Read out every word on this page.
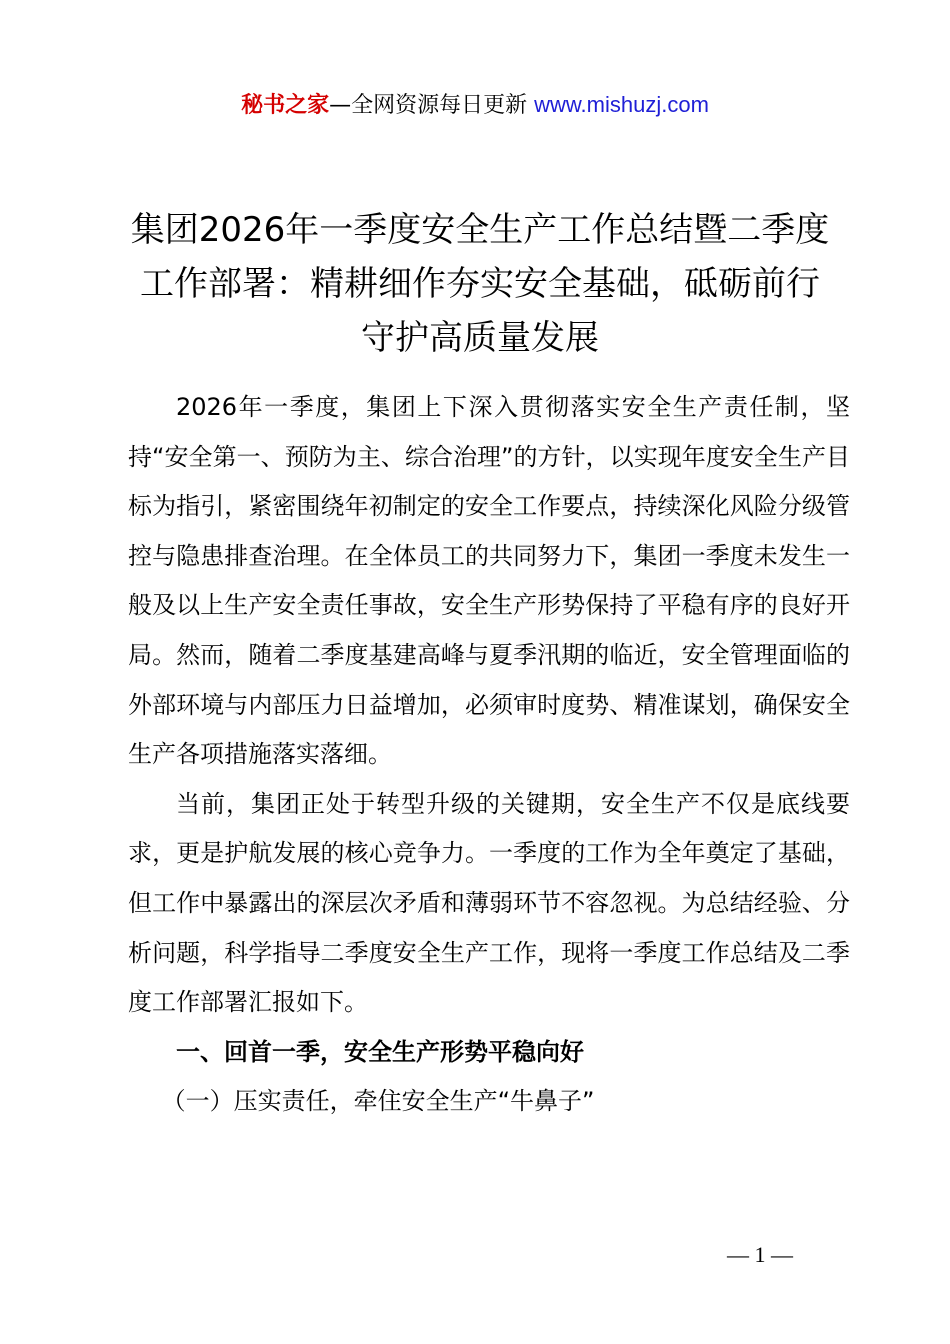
秘书之家—全网资源每日更新 www.mishuzj.com
集团2026年一季度安全生产工作总结暨二季度工作部署：精耕细作夯实安全基础，砥砺前行守护高质量发展

2026年一季度，集团上下深入贯彻落实安全生产责任制，坚持“安全第一、预防为主、综合治理”的方针，以实现年度安全生产目标为指引，紧密围绕年初制定的安全工作要点，持续深化风险分级管控与隐患排查治理。在全体员工的共同努力下，集团一季度未发生一般及以上生产安全责任事故，安全生产形势保持了平稳有序的良好开局。然而，随着二季度基建高峰与夏季汛期的临近，安全管理面临的外部环境与内部压力日益增加，必须审时度势、精准谋划，确保安全生产各项措施落实落细。

当前，集团正处于转型升级的关键期，安全生产不仅是底线要求，更是护航发展的核心竞争力。一季度的工作为全年奠定了基础，但工作中暴露出的深层次矛盾和薄弱环节不容忽视。为总结经验、分析问题，科学指导二季度安全生产工作，现将一季度工作总结及二季度工作部署汇报如下。

一、回首一季，安全生产形势平稳向好

（一）压实责任，牵住安全生产“牛鼻子”

— 1 —
